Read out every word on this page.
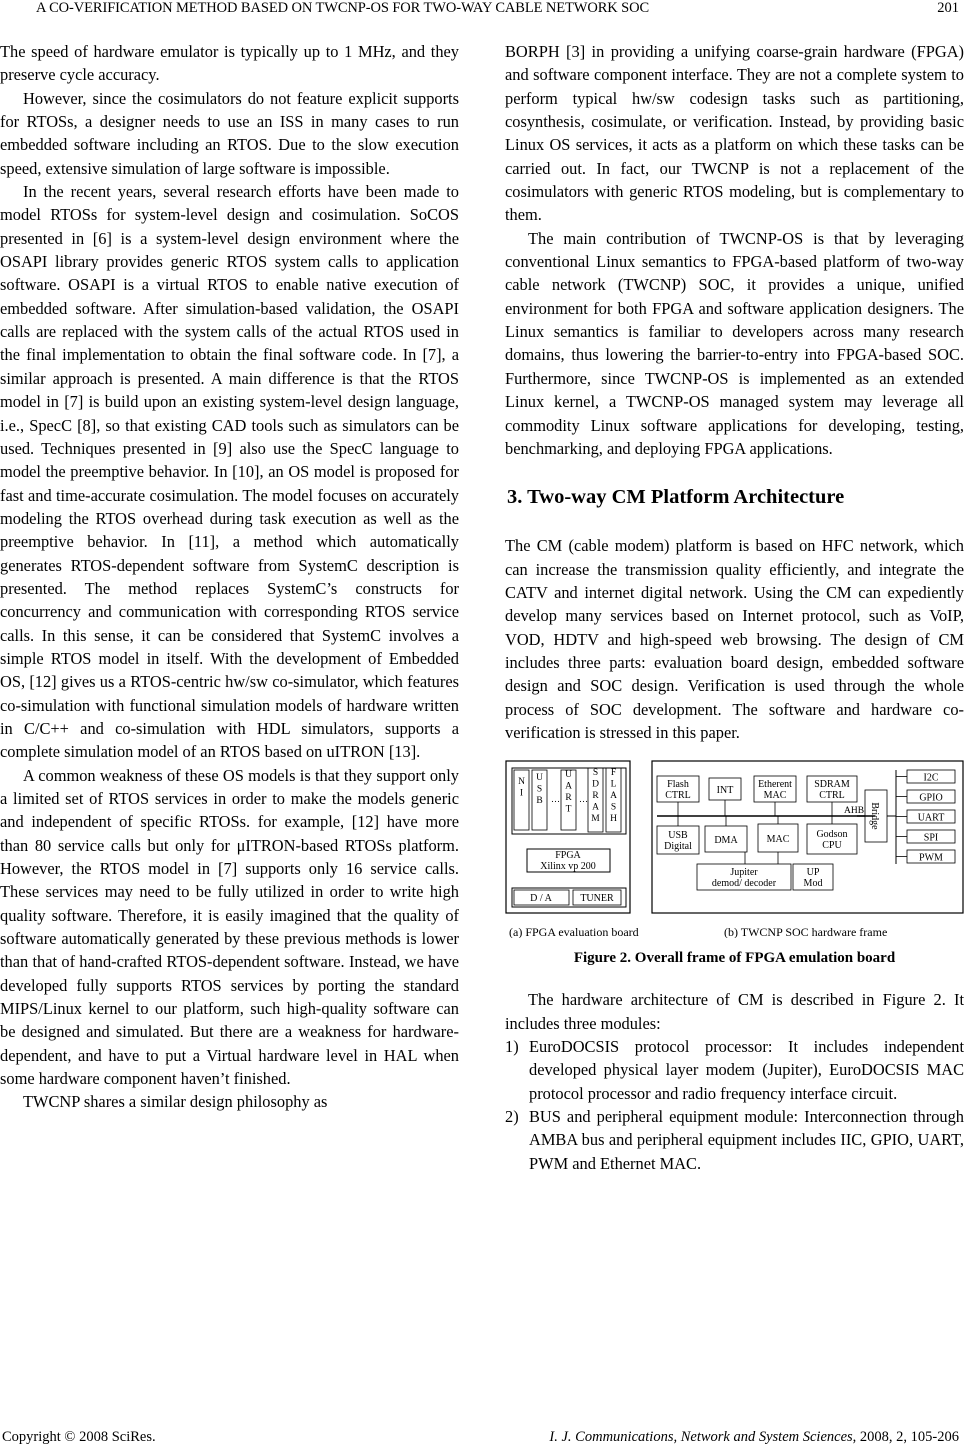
A CO-VERIFICATION METHOD BASED ON TWCNP-OS FOR TWO-WAY CABLE NETWORK SOC	201

The speed of hardware emulator is typically up to 1 MHz, and they preserve cycle accuracy.

However, since the cosimulators do not feature explicit supports for RTOSs, a designer needs to use an ISS in many cases to run embedded software including an RTOS. Due to the slow execution speed, extensive simulation of large software is impossible.

In the recent years, several research efforts have been made to model RTOSs for system-level design and cosimulation. SoCOS presented in [6] is a system-level design environment where the OSAPI library provides generic RTOS system calls to application software. OSAPI is a virtual RTOS to enable native execution of embedded software. After simulation-based validation, the OSAPI calls are replaced with the system calls of the actual RTOS used in the final implementation to obtain the final software code. In [7], a similar approach is presented. A main difference is that the RTOS model in [7] is build upon an existing system-level design language, i.e., SpecC [8], so that existing CAD tools such as simulators can be used. Techniques presented in [9] also use the SpecC language to model the preemptive behavior. In [10], an OS model is proposed for fast and time-accurate cosimulation. The model focuses on accurately modeling the RTOS overhead during task execution as well as the preemptive behavior. In [11], a method which automatically generates RTOS-dependent software from SystemC description is presented. The method replaces SystemC’s constructs for concurrency and communication with corresponding RTOS service calls. In this sense, it can be considered that SystemC involves a simple RTOS model in itself. With the development of Embedded OS, [12] gives us a RTOS-centric hw/sw co-simulator, which features co-simulation with functional simulation models of hardware written in C/C++ and co-simulation with HDL simulators, supports a complete simulation model of an RTOS based on uITRON [13].

A common weakness of these OS models is that they support only a limited set of RTOS services in order to make the models generic and independent of specific RTOSs. for example, [12] have more than 80 service calls but only for μITRON-based RTOSs platform. However, the RTOS model in [7] supports only 16 service calls. These services may need to be fully utilized in order to write high quality software. Therefore, it is easily imagined that the quality of software automatically generated by these previous methods is lower than that of hand-crafted RTOS-dependent software. Instead, we have developed fully supports RTOS services by porting the standard MIPS/Linux kernel to our platform, such high-quality software can be designed and simulated. But there are a weakness for hardware-dependent, and have to put a Virtual hardware level in HAL when some hardware component haven’t finished.

TWCNP shares a similar design philosophy as

BORPH [3] in providing a unifying coarse-grain hardware (FPGA) and software component interface. They are not a complete system to perform typical hw/sw codesign tasks such as partitioning, cosynthesis, cosimulate, or verification. Instead, by providing basic Linux OS services, it acts as a platform on which these tasks can be carried out. In fact, our TWCNP is not a replacement of the cosimulators with generic RTOS modeling, but is complementary to them.

The main contribution of TWCNP-OS is that by leveraging conventional Linux semantics to FPGA-based platform of two-way cable network (TWCNP) SOC, it provides a unique, unified environment for both FPGA and software application designers. The Linux semantics is familiar to developers across many research domains, thus lowering the barrier-to-entry into FPGA-based SOC. Furthermore, since TWCNP-OS is implemented as an extended Linux kernel, a TWCNP-OS managed system may leverage all commodity Linux software applications for developing, testing, benchmarking, and deploying FPGA applications.

3. Two-way CM Platform Architecture

The CM (cable modem) platform is based on HFC network, which can increase the transmission quality efficiently, and integrate the CATV and internet digital network. Using the CM can expediently develop many services based on Internet protocol, such as VoIP, VOD, HDTV and high-speed web browsing. The design of CM includes three parts: evaluation board design, embedded software design and SOC design. Verification is used through the whole process of SOC development. The software and hardware co-verification is stressed in this paper.

… …
N I
U S B
U A R T
S D R A M
F L A S H
FPGA
Xilinx vp 200
D / A	TUNER
AHB Bridge
I2C
GPIO
UART
SPI
PWM
Flash CTRL	INT
Etherent MAC
SDRAM CTRL
USB Digital
DMA	MAC	Godson CPU
Jupiter demod/ decoder
UP Mod
(a) FPGA evaluation board	(b) TWCNP SOC hardware frame
Figure 2. Overall frame of FPGA emulation board

The hardware architecture of CM is described in Figure 2. It includes three modules:

1) EuroDOCSIS protocol processor: It includes independent developed physical layer modem (Jupiter), EuroDOCSIS MAC protocol processor and radio frequency interface circuit.
2) BUS and peripheral equipment module: Interconnection through AMBA bus and peripheral equipment includes IIC, GPIO, UART, PWM and Ethernet MAC.
Copyright © 2008 SciRes.	I. J. Communications, Network and System Sciences, 2008, 2, 105-206
